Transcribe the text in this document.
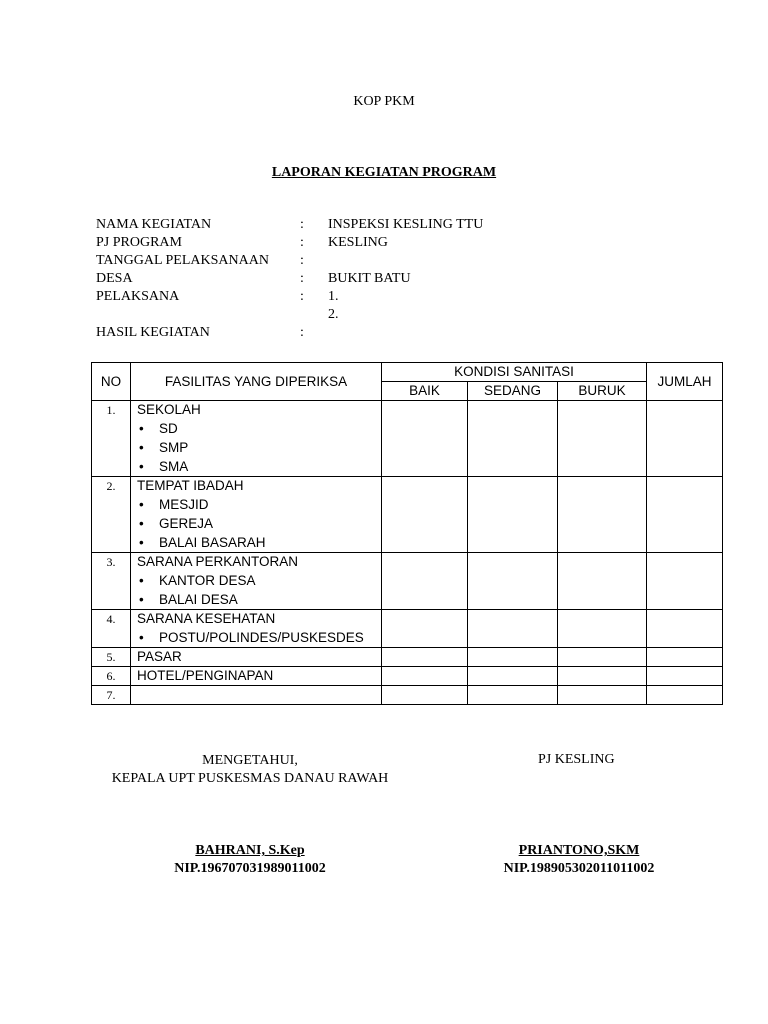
KOP PKM
LAPORAN KEGIATAN PROGRAM
NAMA KEGIATAN	: INSPEKSI KESLING TTU
PJ PROGRAM	: KESLING
TANGGAL PELAKSANAAN :
DESA	: BUKIT BATU
PELAKSANA	: 1.
2.
HASIL KEGIATAN	:
NO	FASILITAS YANG DIPERIKSA	KONDISI SANITASI			JUMLAH
		BAIK	SEDANG	BURUK	
1.	SEKOLAH
• SD
• SMP
• SMA

2.	TEMPAT IBADAH
• MESJID
• GEREJA
• BALAI BASARAH

3.	SARANA PERKANTORAN
• KANTOR DESA
• BALAI DESA

4.	SARANA KESEHATAN
• POSTU/POLINDES/PUSKESDES

5.	PASAR				

6.	HOTEL/PENGINAPAN				

7.	

MENGETAHUI,
KEPALA UPT PUSKESMAS DANAU RAWAH
PJ KESLING
BAHRANI, S.Kep
NIP.196707031989011002
PRIANTONO,SKM
NIP.198905302011011002
